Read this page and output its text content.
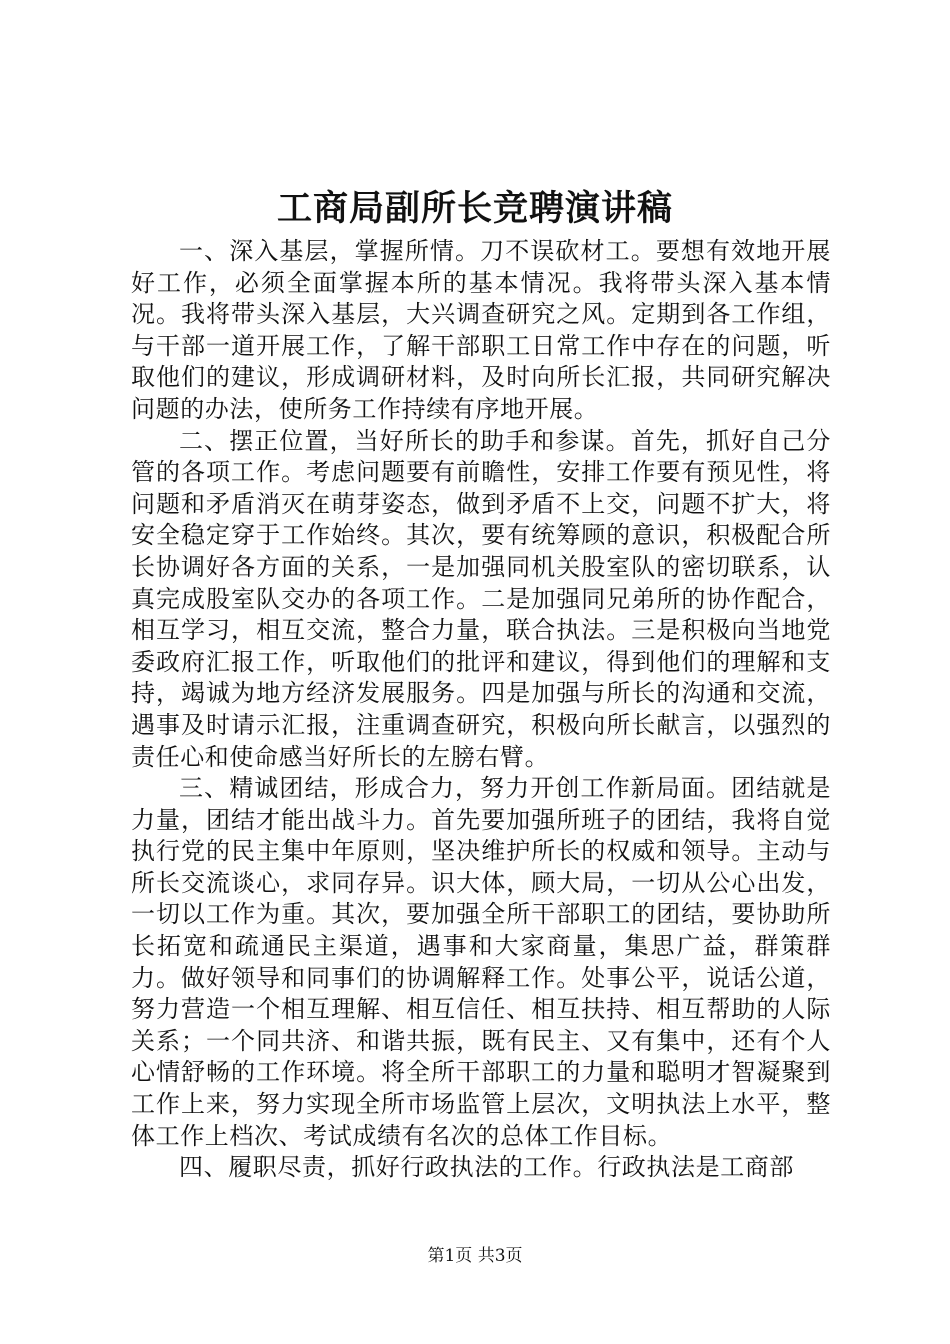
工商局副所长竞聘演讲稿

一、深入基层，掌握所情。刀不误砍材工。要想有效地开展好工作，必须全面掌握本所的基本情况。我将带头深入基本情况。我将带头深入基层，大兴调查研究之风。定期到各工作组，与干部一道开展工作，了解干部职工日常工作中存在的问题，听取他们的建议，形成调研材料，及时向所长汇报，共同研究解决问题的办法，使所务工作持续有序地开展。

二、摆正位置，当好所长的助手和参谋。首先，抓好自己分管的各项工作。考虑问题要有前瞻性，安排工作要有预见性，将问题和矛盾消灭在萌芽姿态，做到矛盾不上交，问题不扩大，将安全稳定穿于工作始终。其次，要有统筹顾的意识，积极配合所长协调好各方面的关系，一是加强同机关股室队的密切联系，认真完成股室队交办的各项工作。二是加强同兄弟所的协作配合，相互学习，相互交流，整合力量，联合执法。三是积极向当地党委政府汇报工作，听取他们的批评和建议，得到他们的理解和支持，竭诚为地方经济发展服务。四是加强与所长的沟通和交流，遇事及时请示汇报，注重调查研究，积极向所长献言，以强烈的责任心和使命感当好所长的左膀右臂。

三、精诚团结，形成合力，努力开创工作新局面。团结就是力量，团结才能出战斗力。首先要加强所班子的团结，我将自觉执行党的民主集中年原则，坚决维护所长的权威和领导。主动与所长交流谈心，求同存异。识大体，顾大局，一切从公心出发，一切以工作为重。其次，要加强全所干部职工的团结，要协助所长拓宽和疏通民主渠道，遇事和大家商量，集思广益，群策群力。做好领导和同事们的协调解释工作。处事公平，说话公道，努力营造一个相互理解、相互信任、相互扶持、相互帮助的人际关系；一个同共济、和谐共振，既有民主、又有集中，还有个人心情舒畅的工作环境。将全所干部职工的力量和聪明才智凝聚到工作上来，努力实现全所市场监管上层次，文明执法上水平，整体工作上档次、考试成绩有名次的总体工作目标。

四、履职尽责，抓好行政执法的工作。行政执法是工商部

第1页 共3页
